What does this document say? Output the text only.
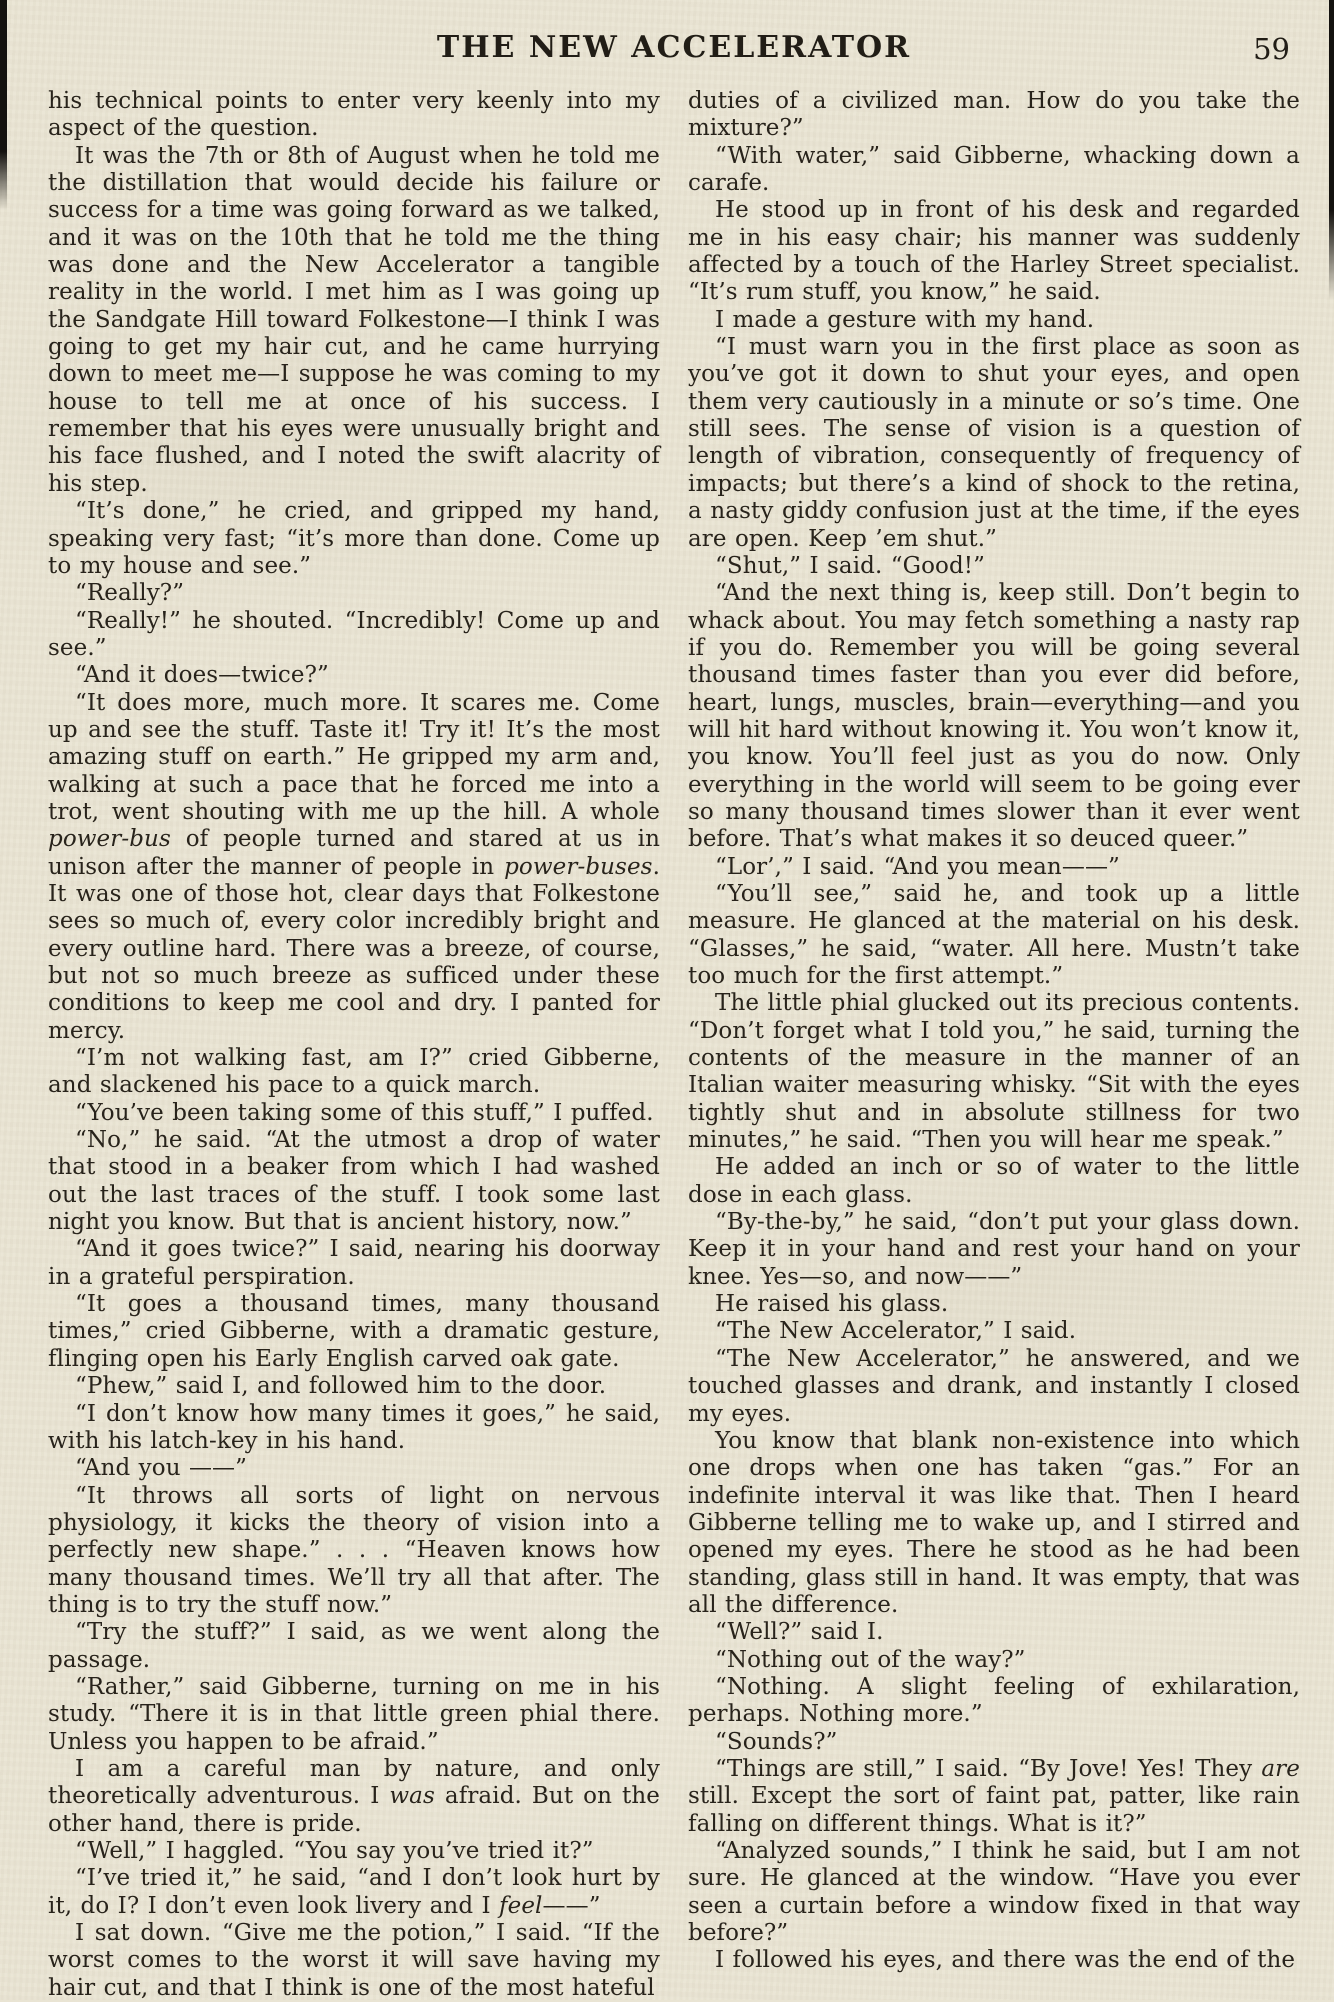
THE NEW ACCELERATOR	59

his technical points to enter very keenly into my aspect of the question.

It was the 7th or 8th of August when he told me the distillation that would decide his failure or success for a time was going forward as we talked, and it was on the 10th that he told me the thing was done and the New Accelerator a tangible reality in the world. I met him as I was going up the Sandgate Hill toward Folkestone—I think I was going to get my hair cut, and he came hurrying down to meet me—I suppose he was coming to my house to tell me at once of his success. I remember that his eyes were unusually bright and his face flushed, and I noted the swift alacrity of his step.

“It’s done,” he cried, and gripped my hand, speaking very fast; “it’s more than done. Come up to my house and see.”

“Really?”

“Really!” he shouted. “Incredibly! Come up and see.”

“And it does—twice?”

“It does more, much more. It scares me. Come up and see the stuff. Taste it! Try it! It’s the most amazing stuff on earth.” He gripped my arm and, walking at such a pace that he forced me into a trot, went shouting with me up the hill. A whole power-bus of people turned and stared at us in unison after the manner of people in power-buses. It was one of those hot, clear days that Folkestone sees so much of, every color incredibly bright and every outline hard. There was a breeze, of course, but not so much breeze as sufficed under these conditions to keep me cool and dry. I panted for mercy.

“I’m not walking fast, am I?” cried Gibberne, and slackened his pace to a quick march.

“You’ve been taking some of this stuff,” I puffed.

“No,” he said. “At the utmost a drop of water that stood in a beaker from which I had washed out the last traces of the stuff. I took some last night you know. But that is ancient history, now.”

“And it goes twice?” I said, nearing his doorway in a grateful perspiration.

“It goes a thousand times, many thousand times,” cried Gibberne, with a dramatic gesture, flinging open his Early English carved oak gate.

“Phew,” said I, and followed him to the door.

“I don’t know how many times it goes,” he said, with his latch-key in his hand.

“And you ——”

“It throws all sorts of light on nervous physiology, it kicks the theory of vision into a perfectly new shape.” . . . “Heaven knows how many thousand times. We’ll try all that after. The thing is to try the stuff now.”

“Try the stuff?” I said, as we went along the passage.

“Rather,” said Gibberne, turning on me in his study. “There it is in that little green phial there. Unless you happen to be afraid.”

I am a careful man by nature, and only theoretically adventurous. I was afraid. But on the other hand, there is pride.

“Well,” I haggled. “You say you’ve tried it?”

“I’ve tried it,” he said, “and I don’t look hurt by it, do I? I don’t even look livery and I feel——”

I sat down. “Give me the potion,” I said. “If the worst comes to the worst it will save having my hair cut, and that I think is one of the most hateful

duties of a civilized man. How do you take the mixture?”

“With water,” said Gibberne, whacking down a carafe.

He stood up in front of his desk and regarded me in his easy chair; his manner was suddenly affected by a touch of the Harley Street specialist. “It’s rum stuff, you know,” he said.

I made a gesture with my hand.

“I must warn you in the first place as soon as you’ve got it down to shut your eyes, and open them very cautiously in a minute or so’s time. One still sees. The sense of vision is a question of length of vibration, consequently of frequency of impacts; but there’s a kind of shock to the retina, a nasty giddy confusion just at the time, if the eyes are open. Keep ’em shut.”

“Shut,” I said. “Good!”

“And the next thing is, keep still. Don’t begin to whack about. You may fetch something a nasty rap if you do. Remember you will be going several thousand times faster than you ever did before, heart, lungs, muscles, brain—everything—and you will hit hard without knowing it. You won’t know it, you know. You’ll feel just as you do now. Only everything in the world will seem to be going ever so many thousand times slower than it ever went before. That’s what makes it so deuced queer.”

“Lor’,” I said. “And you mean——”

“You’ll see,” said he, and took up a little measure. He glanced at the material on his desk. “Glasses,” he said, “water. All here. Mustn’t take too much for the first attempt.”

The little phial glucked out its precious contents. “Don’t forget what I told you,” he said, turning the contents of the measure in the manner of an Italian waiter measuring whisky. “Sit with the eyes tightly shut and in absolute stillness for two minutes,” he said. “Then you will hear me speak.”

He added an inch or so of water to the little dose in each glass.

“By-the-by,” he said, “don’t put your glass down. Keep it in your hand and rest your hand on your knee. Yes—so, and now——”

He raised his glass.

“The New Accelerator,” I said.

“The New Accelerator,” he answered, and we touched glasses and drank, and instantly I closed my eyes.

You know that blank non-existence into which one drops when one has taken “gas.” For an indefinite interval it was like that. Then I heard Gibberne telling me to wake up, and I stirred and opened my eyes. There he stood as he had been standing, glass still in hand. It was empty, that was all the difference.

“Well?” said I.

“Nothing out of the way?”

“Nothing. A slight feeling of exhilaration, perhaps. Nothing more.”

“Sounds?”

“Things are still,” I said. “By Jove! Yes! They are still. Except the sort of faint pat, patter, like rain falling on different things. What is it?”

“Analyzed sounds,” I think he said, but I am not sure. He glanced at the window. “Have you ever seen a curtain before a window fixed in that way before?”

I followed his eyes, and there was the end of the
